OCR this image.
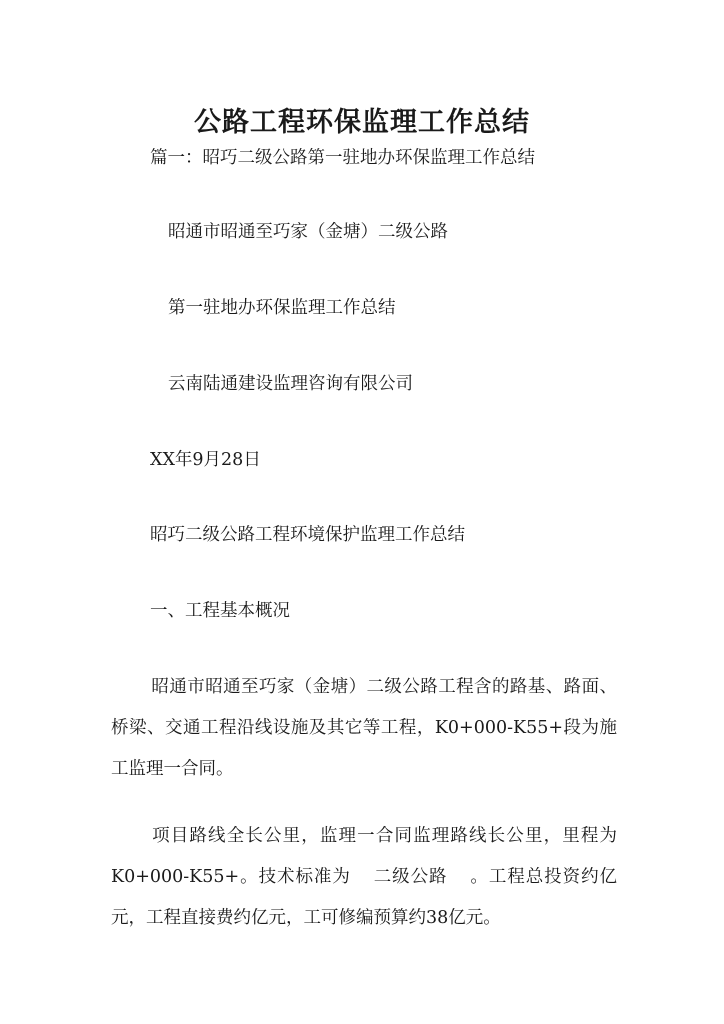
公路工程环保监理工作总结

篇一：昭巧二级公路第一驻地办环保监理工作总结

昭通市昭通至巧家（金塘）二级公路

第一驻地办环保监理工作总结

云南陆通建设监理咨询有限公司

XX年9月28日

昭巧二级公路工程环境保护监理工作总结

一、工程基本概况

昭通市昭通至巧家（金塘）二级公路工程含的路基、路面、桥梁、交通工程沿线设施及其它等工程，K0+000-K55+段为施工监理一合同。

项目路线全长公里，监理一合同监理路线长公里，里程为K0+000-K55+。技术标准为 二级公路 。工程总投资约亿元，工程直接费约亿元，工可修编预算约38亿元。
